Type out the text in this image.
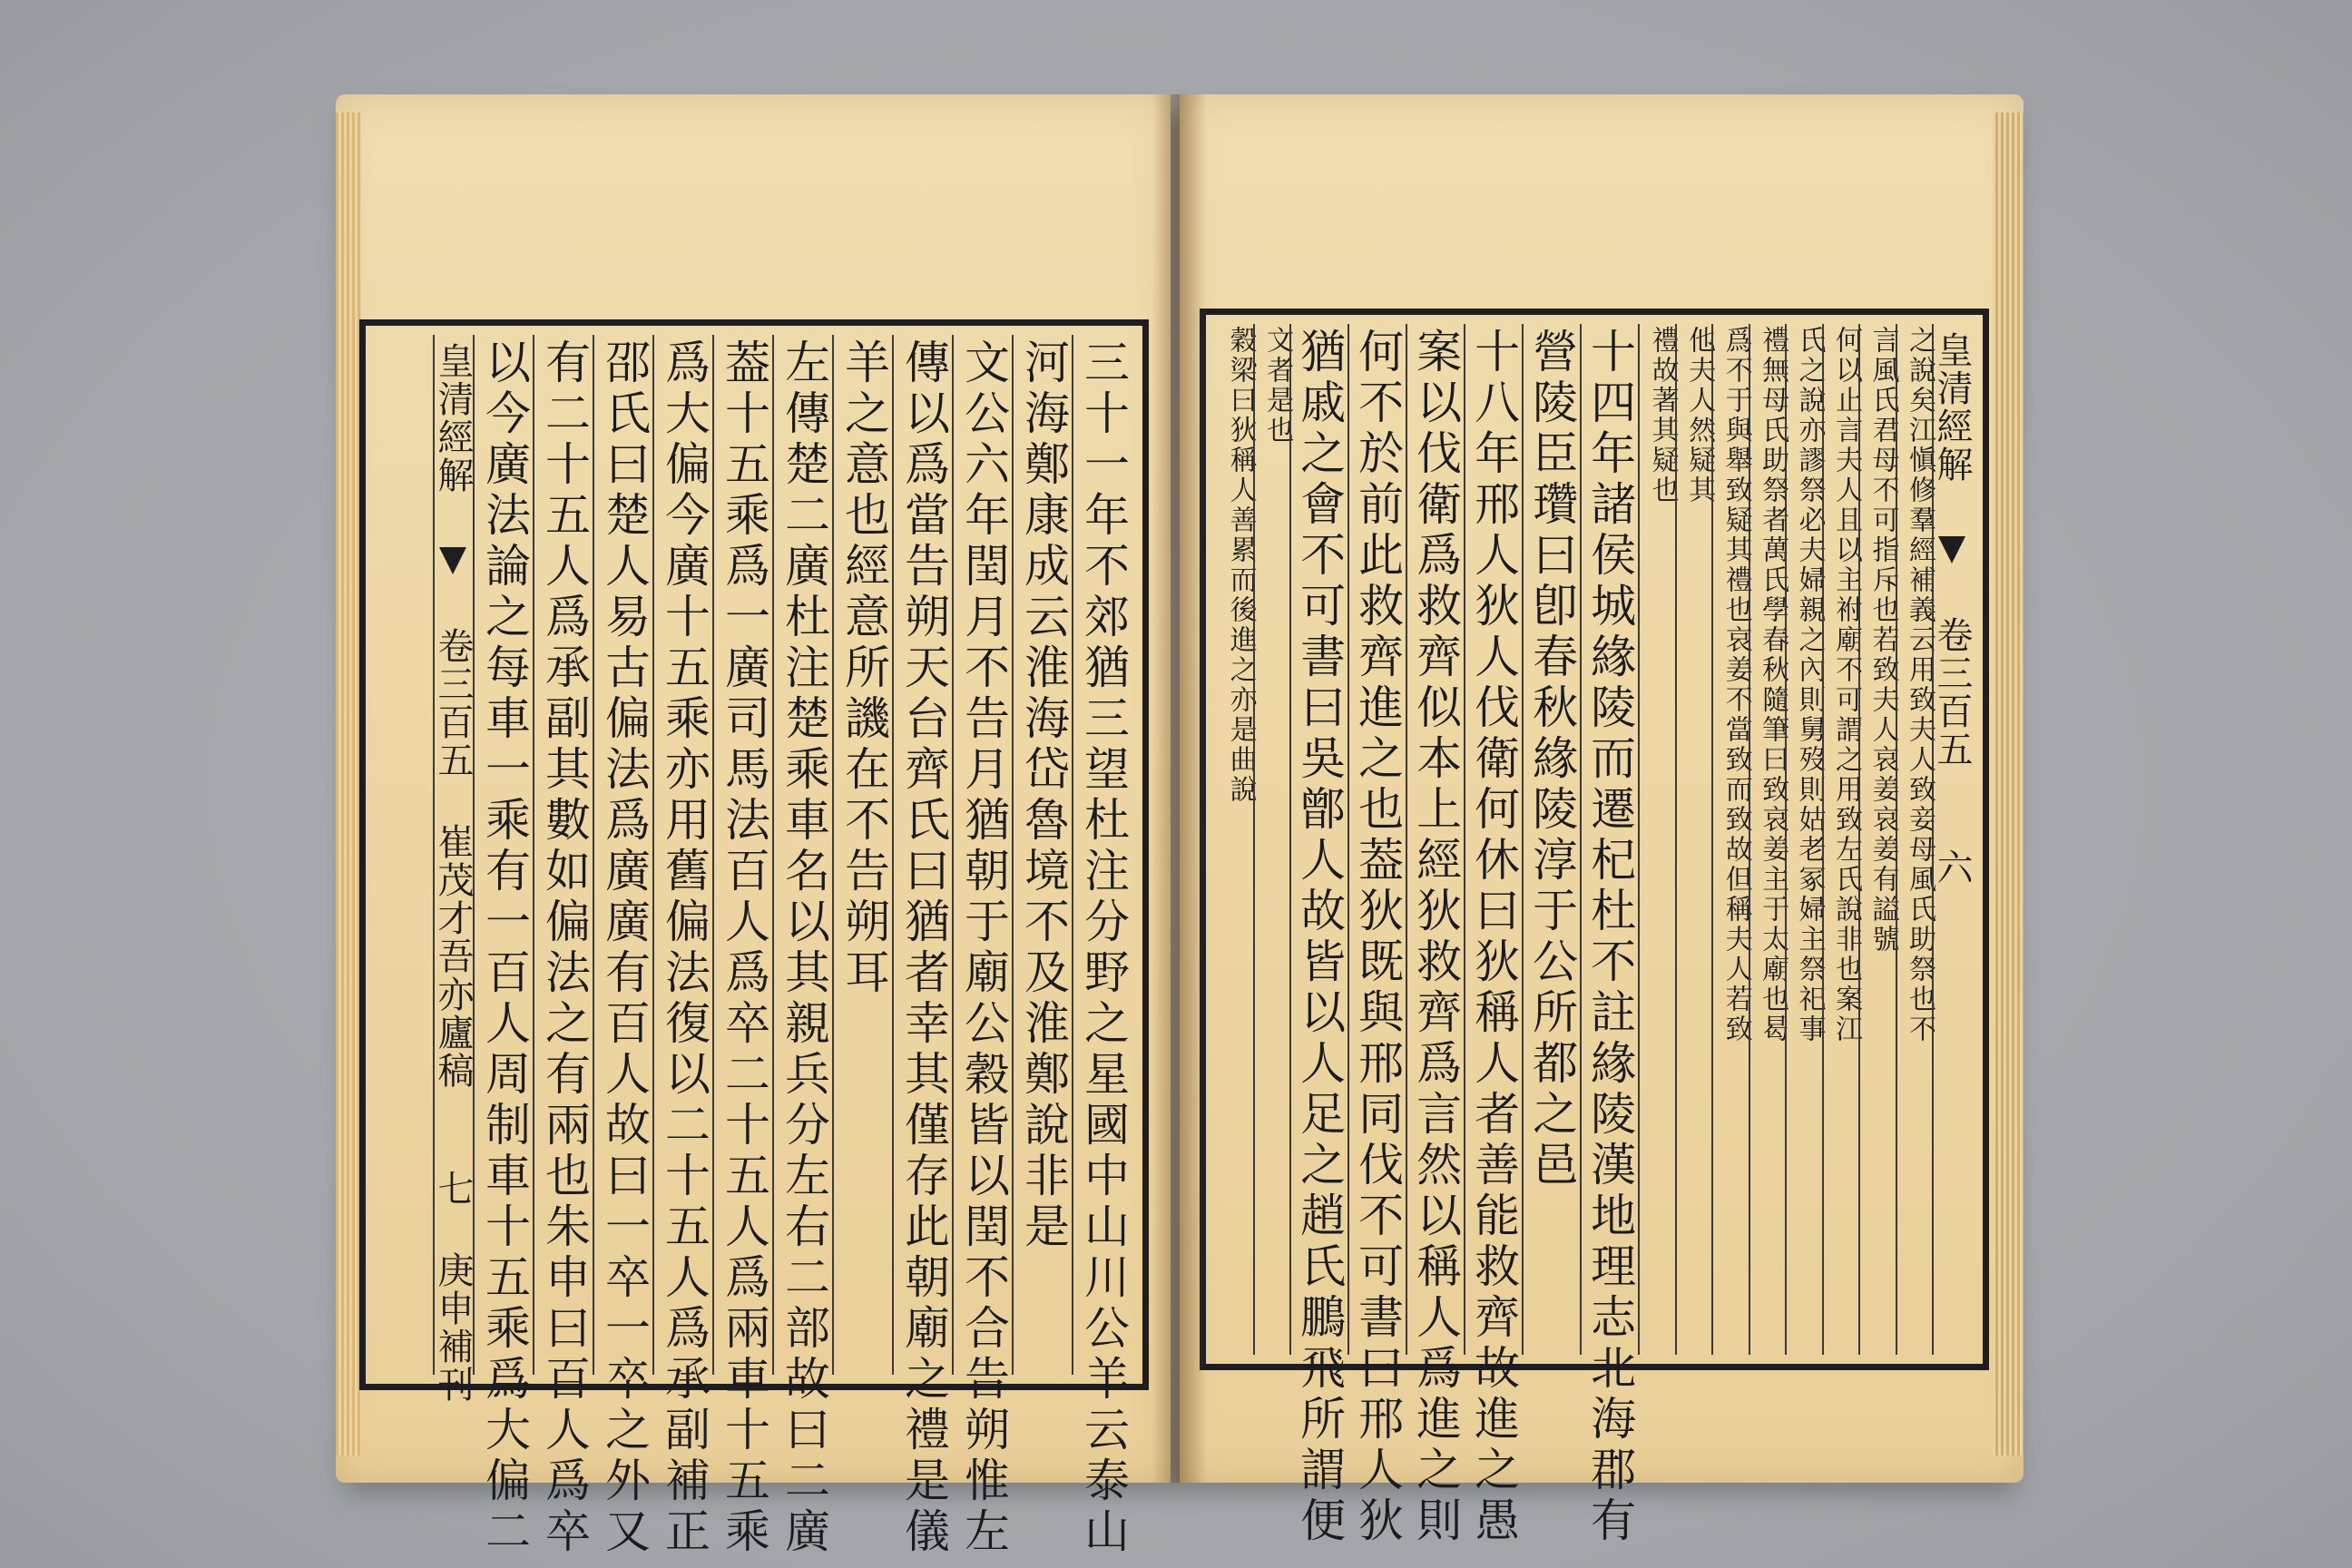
三十一年不郊猶三望杜注分野之星國中山川公羊云泰山
河海鄭康成云淮海岱魯境不及淮鄭說非是
文公六年閏月不告月猶朝于廟公穀皆以閏不合告朔惟左
傳以爲當告朔天台齊氏曰猶者幸其僅存此朝廟之禮是儀
羊之意也經意所譏在不告朔耳
左傳楚二廣杜注楚乘車名以其親兵分左右二部故曰二廣
葢十五乘爲一廣司馬法百人爲卒二十五人爲兩車十五乘
爲大偏今廣十五乘亦用舊偏法復以二十五人爲承副補正
邵氏曰楚人易古偏法爲廣廣有百人故曰一卒一卒之外又
有二十五人爲承副其數如偏法之有兩也朱申曰百人爲卒
以今廣法論之每車一乘有一百人周制車十五乘爲大偏二
皇清經解  卷三百五 崔茂才吾亦廬稿 七 庚申補刊
皇清經解  卷三百五 六
之說矣江愼修羣經補義云用致夫人致妾母風氏助祭也不
言風氏君母不可指斥也若致夫人哀姜哀姜有謚號
何以止言夫人且以主祔廟不可謂之用致左氏說非也案江
氏之說亦謬祭必夫婦親之內則舅歿則姑老冢婦主祭祀事
禮無母氏助祭者萬氏學春秋隨筆曰致哀姜主于太廟也曷
爲不于與舉致疑其禮也哀姜不當致而致故但稱夫人若致
他夫人然疑其
禮故著其疑也
十四年諸侯城緣陵而遷杞杜不註緣陵漢地理志北海郡有
營陵臣瓚曰卽春秋緣陵淳于公所都之邑
十八年邢人狄人伐衛何休曰狄稱人者善能救齊故進之愚
案以伐衛爲救齊似本上經狄救齊爲言然以稱人爲進之則
何不於前此救齊進之也葢狄既與邢同伐不可書曰邢人狄
猶戚之會不可書曰吳鄫人故皆以人足之趙氏鵬飛所謂便
文者是也
穀梁曰狄稱人善累而後進之亦是曲說
